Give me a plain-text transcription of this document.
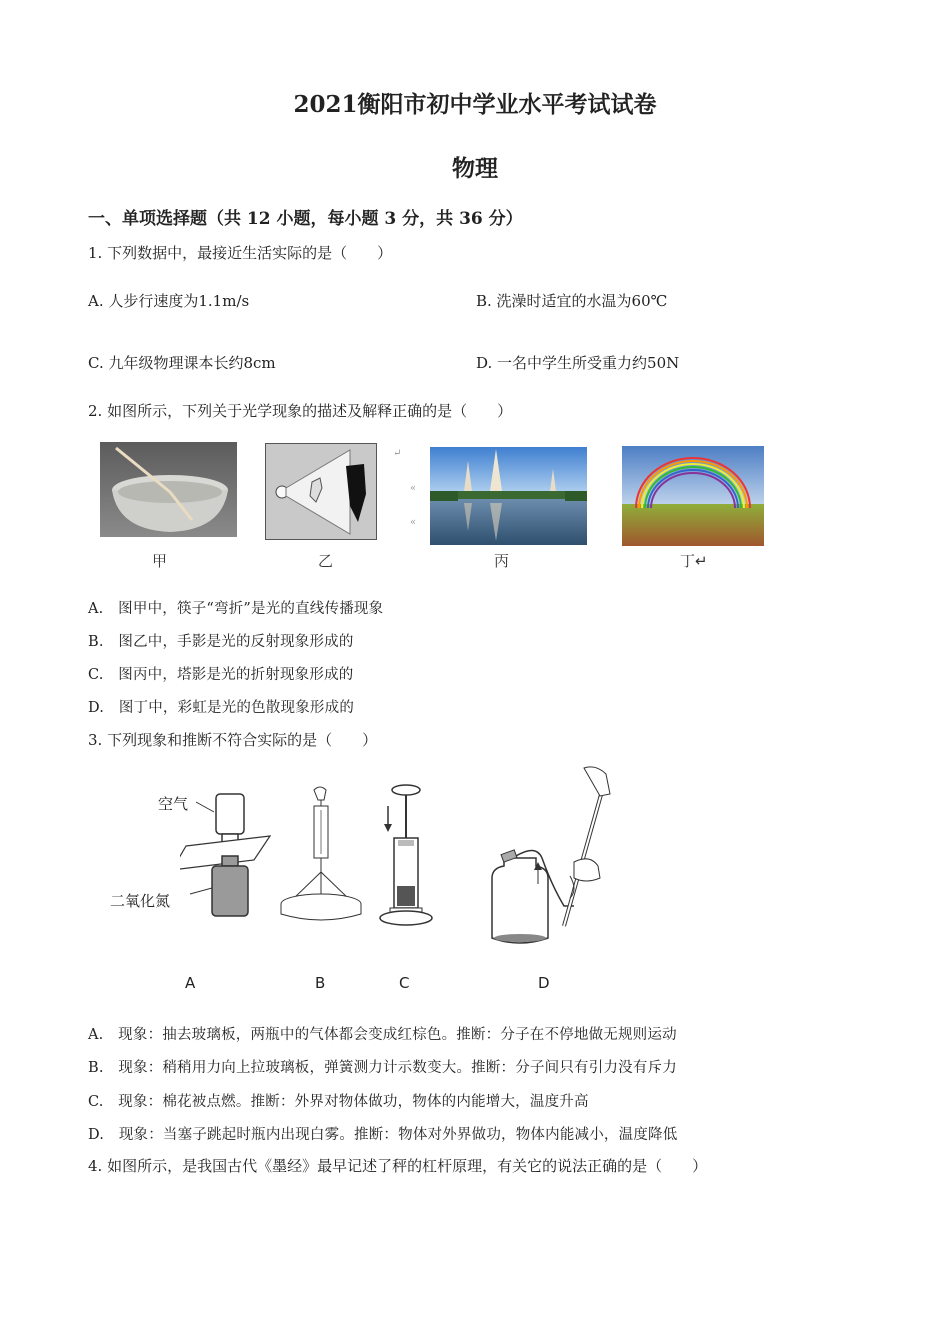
2021衡阳市初中学业水平考试试卷
物理
一、单项选择题（共 12 小题，每小题 3 分，共 36 分）
1. 下列数据中，最接近生活实际的是（　　）
A. 人步行速度为1.1m/s	B. 洗澡时适宜的水温为60℃
C. 九年级物理课本长约8cm	D. 一名中学生所受重力约50N
2. 如图所示，下列关于光学现象的描述及解释正确的是（　　）
↵
«
«
甲	乙	丙	丁↵
A.　图甲中，筷子“弯折”是光的直线传播现象
B.　图乙中，手影是光的反射现象形成的
C.　图丙中，塔影是光的折射现象形成的
D.　图丁中，彩虹是光的色散现象形成的
3. 下列现象和推断不符合实际的是（　　）
空气
二氧化氮
A	B	C	D
A.　现象：抽去玻璃板，两瓶中的气体都会变成红棕色。推断：分子在不停地做无规则运动
B.　现象：稍稍用力向上拉玻璃板，弹簧测力计示数变大。推断：分子间只有引力没有斥力
C.　现象：棉花被点燃。推断：外界对物体做功，物体的内能增大，温度升高
D.　现象：当塞子跳起时瓶内出现白雾。推断：物体对外界做功，物体内能减小，温度降低
4. 如图所示，是我国古代《墨经》最早记述了秤的杠杆原理，有关它的说法正确的是（　　）
